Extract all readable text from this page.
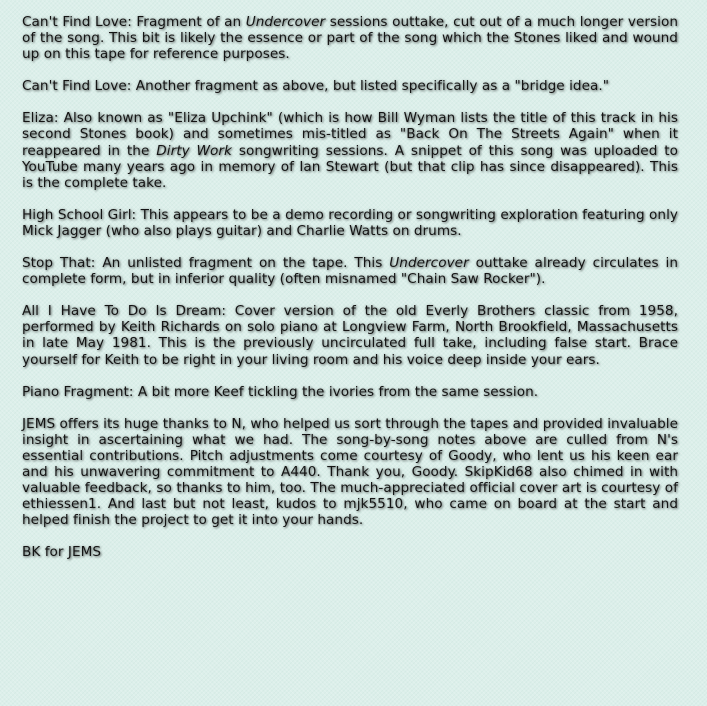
Can't Find Love: Fragment of an Undercover sessions outtake, cut out of a much longer version of the song. This bit is likely the essence or part of the song which the Stones liked and wound up on this tape for reference purposes.

Can't Find Love: Another fragment as above, but listed specifically as a "bridge idea."

Eliza: Also known as "Eliza Upchink" (which is how Bill Wyman lists the title of this track in his second Stones book) and sometimes mis-titled as "Back On The Streets Again" when it reappeared in the Dirty Work songwriting sessions. A snippet of this song was uploaded to YouTube many years ago in memory of Ian Stewart (but that clip has since disappeared). This is the complete take.

High School Girl: This appears to be a demo recording or songwriting exploration featuring only Mick Jagger (who also plays guitar) and Charlie Watts on drums.

Stop That: An unlisted fragment on the tape. This Undercover outtake already circulates in complete form, but in inferior quality (often misnamed "Chain Saw Rocker").

All I Have To Do Is Dream: Cover version of the old Everly Brothers classic from 1958, performed by Keith Richards on solo piano at Longview Farm, North Brookfield, Massachusetts in late May 1981. This is the previously uncirculated full take, including false start. Brace yourself for Keith to be right in your living room and his voice deep inside your ears.

Piano Fragment: A bit more Keef tickling the ivories from the same session.

JEMS offers its huge thanks to N, who helped us sort through the tapes and provided invaluable insight in ascertaining what we had. The song-by-song notes above are culled from N's essential contributions. Pitch adjustments come courtesy of Goody, who lent us his keen ear and his unwavering commitment to A440. Thank you, Goody. SkipKid68 also chimed in with valuable feedback, so thanks to him, too. The much-appreciated official cover art is courtesy of ethiessen1. And last but not least, kudos to mjk5510, who came on board at the start and helped finish the project to get it into your hands.

BK for JEMS
